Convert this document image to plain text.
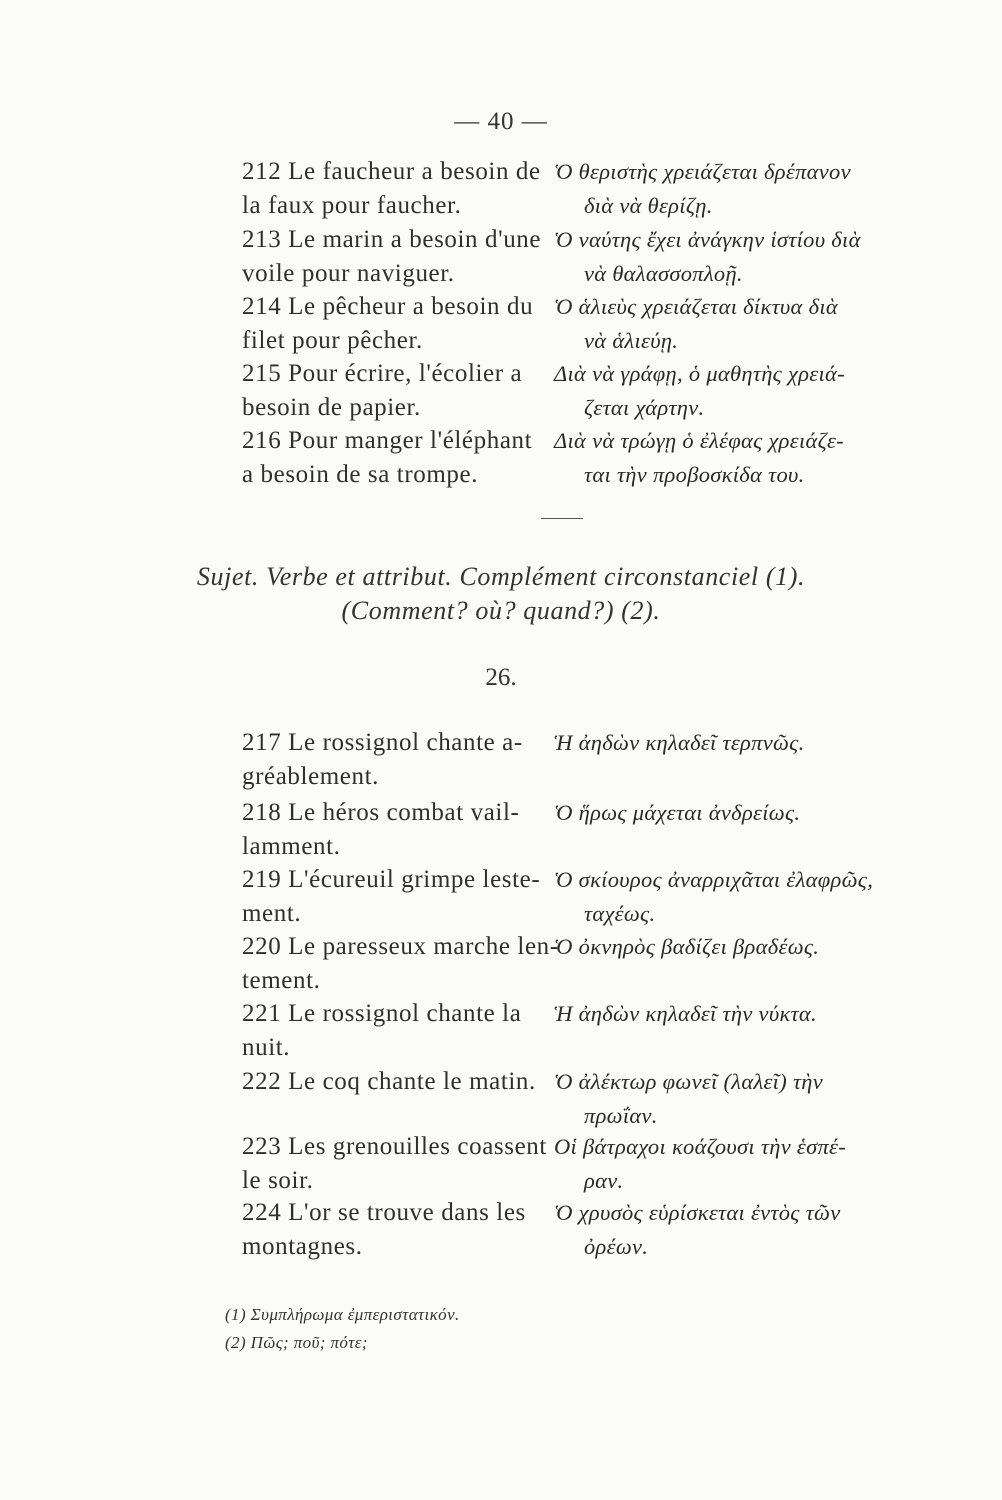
— 40 —
212 Le faucheur a besoin de
la faux pour faucher.
Ὁ θεριστὴς χρειάζεται δρέπανον
διὰ νὰ θερίζῃ.
213 Le marin a besoin d'une
voile pour naviguer.
Ὁ ναύτης ἔχει ἀνάγκην ἱστίου διὰ
νὰ θαλασσοπλοῇ.
214 Le pêcheur a besoin du
filet pour pêcher.
Ὁ ἁλιεὺς χρειάζεται δίκτυα διὰ
νὰ ἁλιεύῃ.
215 Pour écrire, l'écolier a
besoin de papier.
Διὰ νὰ γράφῃ, ὁ μαθητὴς χρειά-
ζεται χάρτην.
216 Pour manger l'éléphant
a besoin de sa trompe.
Διὰ νὰ τρώγῃ ὁ ἐλέφας χρειάζε-
ται τὴν προβοσκίδα του.
Sujet. Verbe et attribut. Complément circonstanciel (1).
(Comment? où? quand?) (2).
26.
217 Le rossignol chante a-
gréablement.
Ἡ ἀηδὼν κηλαδεῖ τερπνῶς.
218 Le héros combat vail-
lamment.
Ὁ ἥρως μάχεται ἀνδρείως.
219 L'écureuil grimpe leste-
ment.
Ὁ σκίουρος ἀναρριχᾶται ἐλαφρῶς,
ταχέως.
220 Le paresseux marche len-
tement.
Ὁ ὀκνηρὸς βαδίζει βραδέως.
221 Le rossignol chante la
nuit.
Ἡ ἀηδὼν κηλαδεῖ τὴν νύκτα.
222 Le coq chante le matin. Ὁ ἀλέκτωρ φωνεῖ (λαλεῖ) τὴν
πρωΐαν.
223 Les grenouilles coassent
le soir.
Οἱ βάτραχοι κοάζουσι τὴν ἑσπέ-
ραν.
224 L'or se trouve dans les
montagnes.
Ὁ χρυσὸς εὑρίσκεται ἐντὸς τῶν
ὀρέων.
(1) Συμπλήρωμα ἐμπεριστατικόν.
(2) Πῶς; ποῦ; πότε;
